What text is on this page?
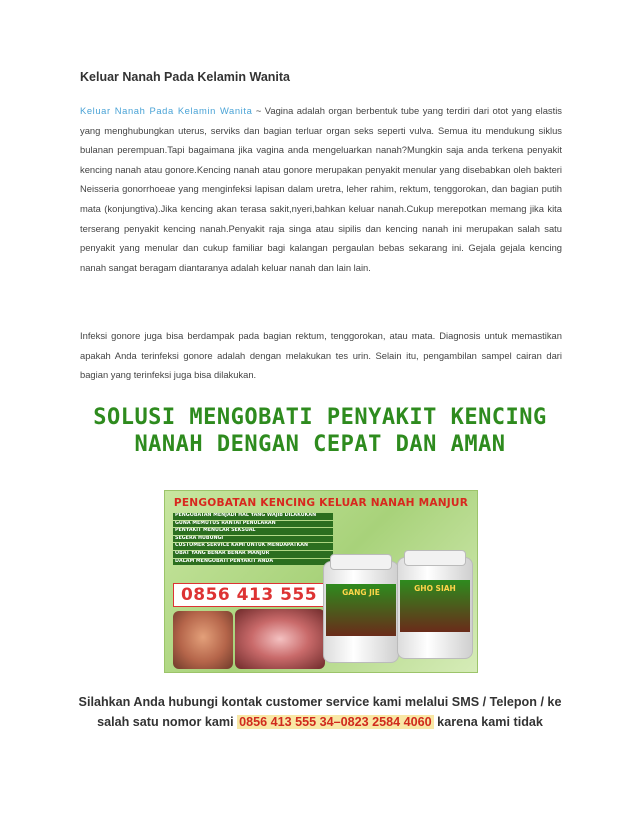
Keluar Nanah Pada Kelamin Wanita
Keluar Nanah Pada Kelamin Wanita ~ Vagina adalah organ berbentuk tube yang terdiri dari otot yang elastis yang menghubungkan uterus, serviks dan bagian terluar organ seks seperti vulva. Semua itu mendukung siklus bulanan perempuan.Tapi bagaimana jika vagina anda mengeluarkan nanah?Mungkin saja anda terkena penyakit kencing nanah atau gonore.Kencing nanah atau gonore merupakan penyakit menular yang disebabkan oleh bakteri Neisseria gonorrhoeae yang menginfeksi lapisan dalam uretra, leher rahim, rektum, tenggorokan, dan bagian putih mata (konjungtiva).Jika kencing akan terasa sakit,nyeri,bahkan keluar nanah.Cukup merepotkan memang jika kita terserang penyakit kencing nanah.Penyakit raja singa atau sipilis dan kencing nanah ini merupakan salah satu penyakit yang menular dan cukup familiar bagi kalangan pergaulan bebas sekarang ini. Gejala gejala kencing nanah sangat beragam diantaranya adalah keluar nanah dan lain lain.
Infeksi gonore juga bisa berdampak pada bagian rektum, tenggorokan, atau mata. Diagnosis untuk memastikan apakah Anda terinfeksi gonore adalah dengan melakukan tes urin. Selain itu, pengambilan sampel cairan dari bagian yang terinfeksi juga bisa dilakukan.
SOLUSI MENGOBATI PENYAKIT KENCING NANAH DENGAN CEPAT DAN AMAN
PENGOBATAN KENCING KELUAR NANAH MANJUR
PENGOBATAN MENJADI HAL YANG WAJIB DILAKUKAN
GUNA MEMUTUS RANTAI PENULARAN
PENYAKIT MENULAR SEKSUAL
SEGERA HUBUNGI
CUSTOMER SERVICE KAMI UNTUK MENDAPATKAN
OBAT YANG BENAR BENAR MANJUR
DALAM MENGOBATI PENYAKIT ANDA
0856 413 555	GANG JIE	GHO SIAH
Silahkan Anda hubungi kontak customer service kami melalui SMS / Telepon / ke salah satu nomor kami 0856 413 555 34–0823 2584 4060 karena kami tidak
